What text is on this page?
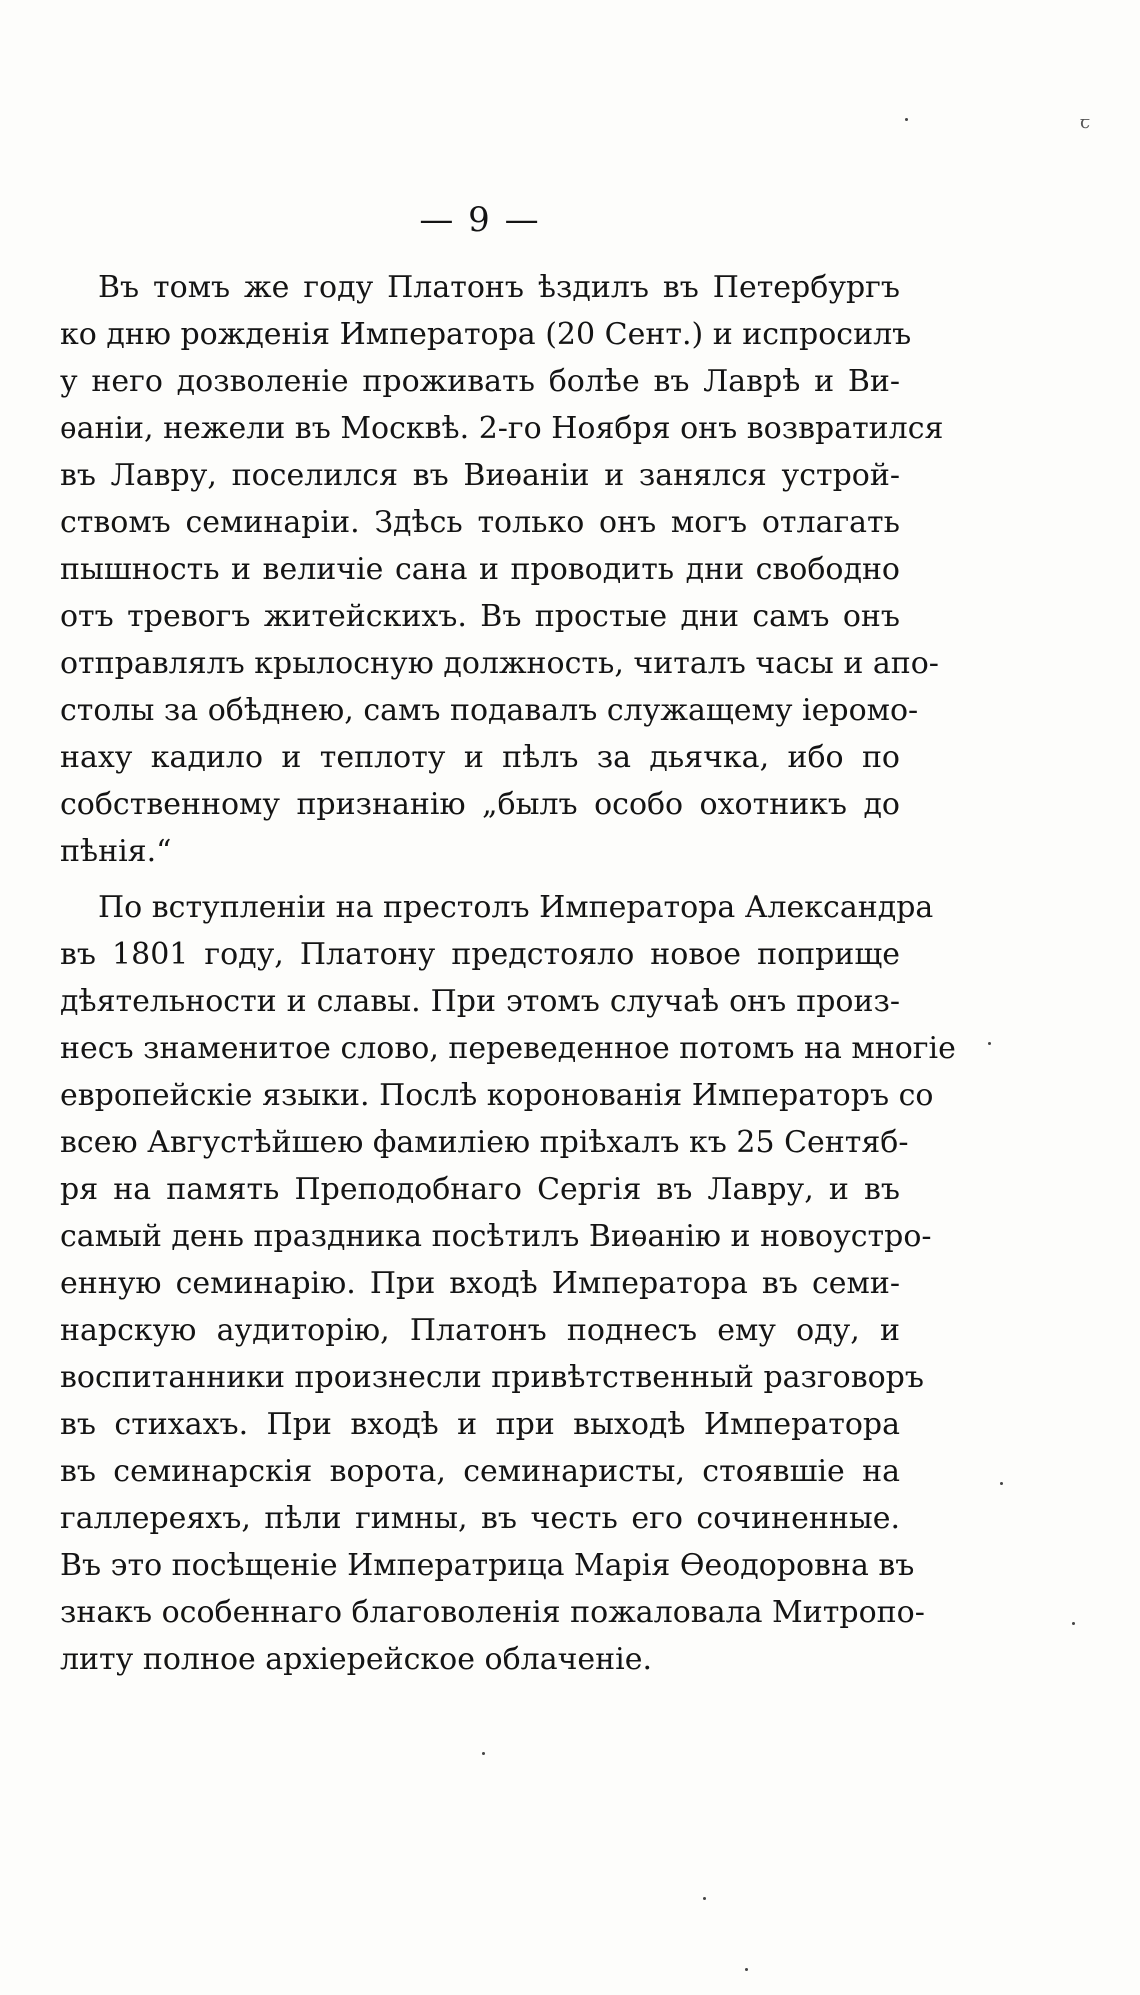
— 9 —
ꞇ
Въ томъ же году Платонъ ѣздилъ въ Петербургъ
ко дню рожденія Императора (20 Сент.) и испросилъ
у него дозволеніе проживать болѣе въ Лаврѣ и Ви-
ѳаніи, нежели въ Москвѣ. 2-го Ноября онъ возвратился
въ Лавру, поселился въ Виѳаніи и занялся устрой-
ствомъ семинаріи. Здѣсь только онъ могъ отлагать
пышность и величіе сана и проводить дни свободно
отъ тревогъ житейскихъ. Въ простые дни самъ онъ
отправлялъ крылосную должность, читалъ часы и апо-
столы за обѣднею, самъ подавалъ служащему іеромо-
наху кадило и теплоту и пѣлъ за дьячка, ибо по
собственному признанію „былъ особо охотникъ до
пѣнія.“
По вступленіи на престолъ Императора Александра
въ 1801 году, Платону предстояло новое поприще
дѣятельности и славы. При этомъ случаѣ онъ произ-
несъ знаменитое слово, переведенное потомъ на многіе
европейскіе языки. Послѣ коронованія Императоръ со
всею Августѣйшею фамиліею пріѣхалъ къ 25 Сентяб-
ря на память Преподобнаго Сергія въ Лавру, и въ
самый день праздника посѣтилъ Виѳанію и новоустро-
енную семинарію. При входѣ Императора въ семи-
нарскую аудиторію, Платонъ поднесъ ему оду, и
воспитанники произнесли привѣтственный разговоръ
въ стихахъ. При входѣ и при выходѣ Императора
въ семинарскія ворота, семинаристы, стоявшіе на
галлереяхъ, пѣли гимны, въ честь его сочиненные.
Въ это посѣщеніе Императрица Марія Ѳеодоровна въ
знакъ особеннаго благоволенія пожаловала Митропо-
литу полное архіерейское облаченіе.
